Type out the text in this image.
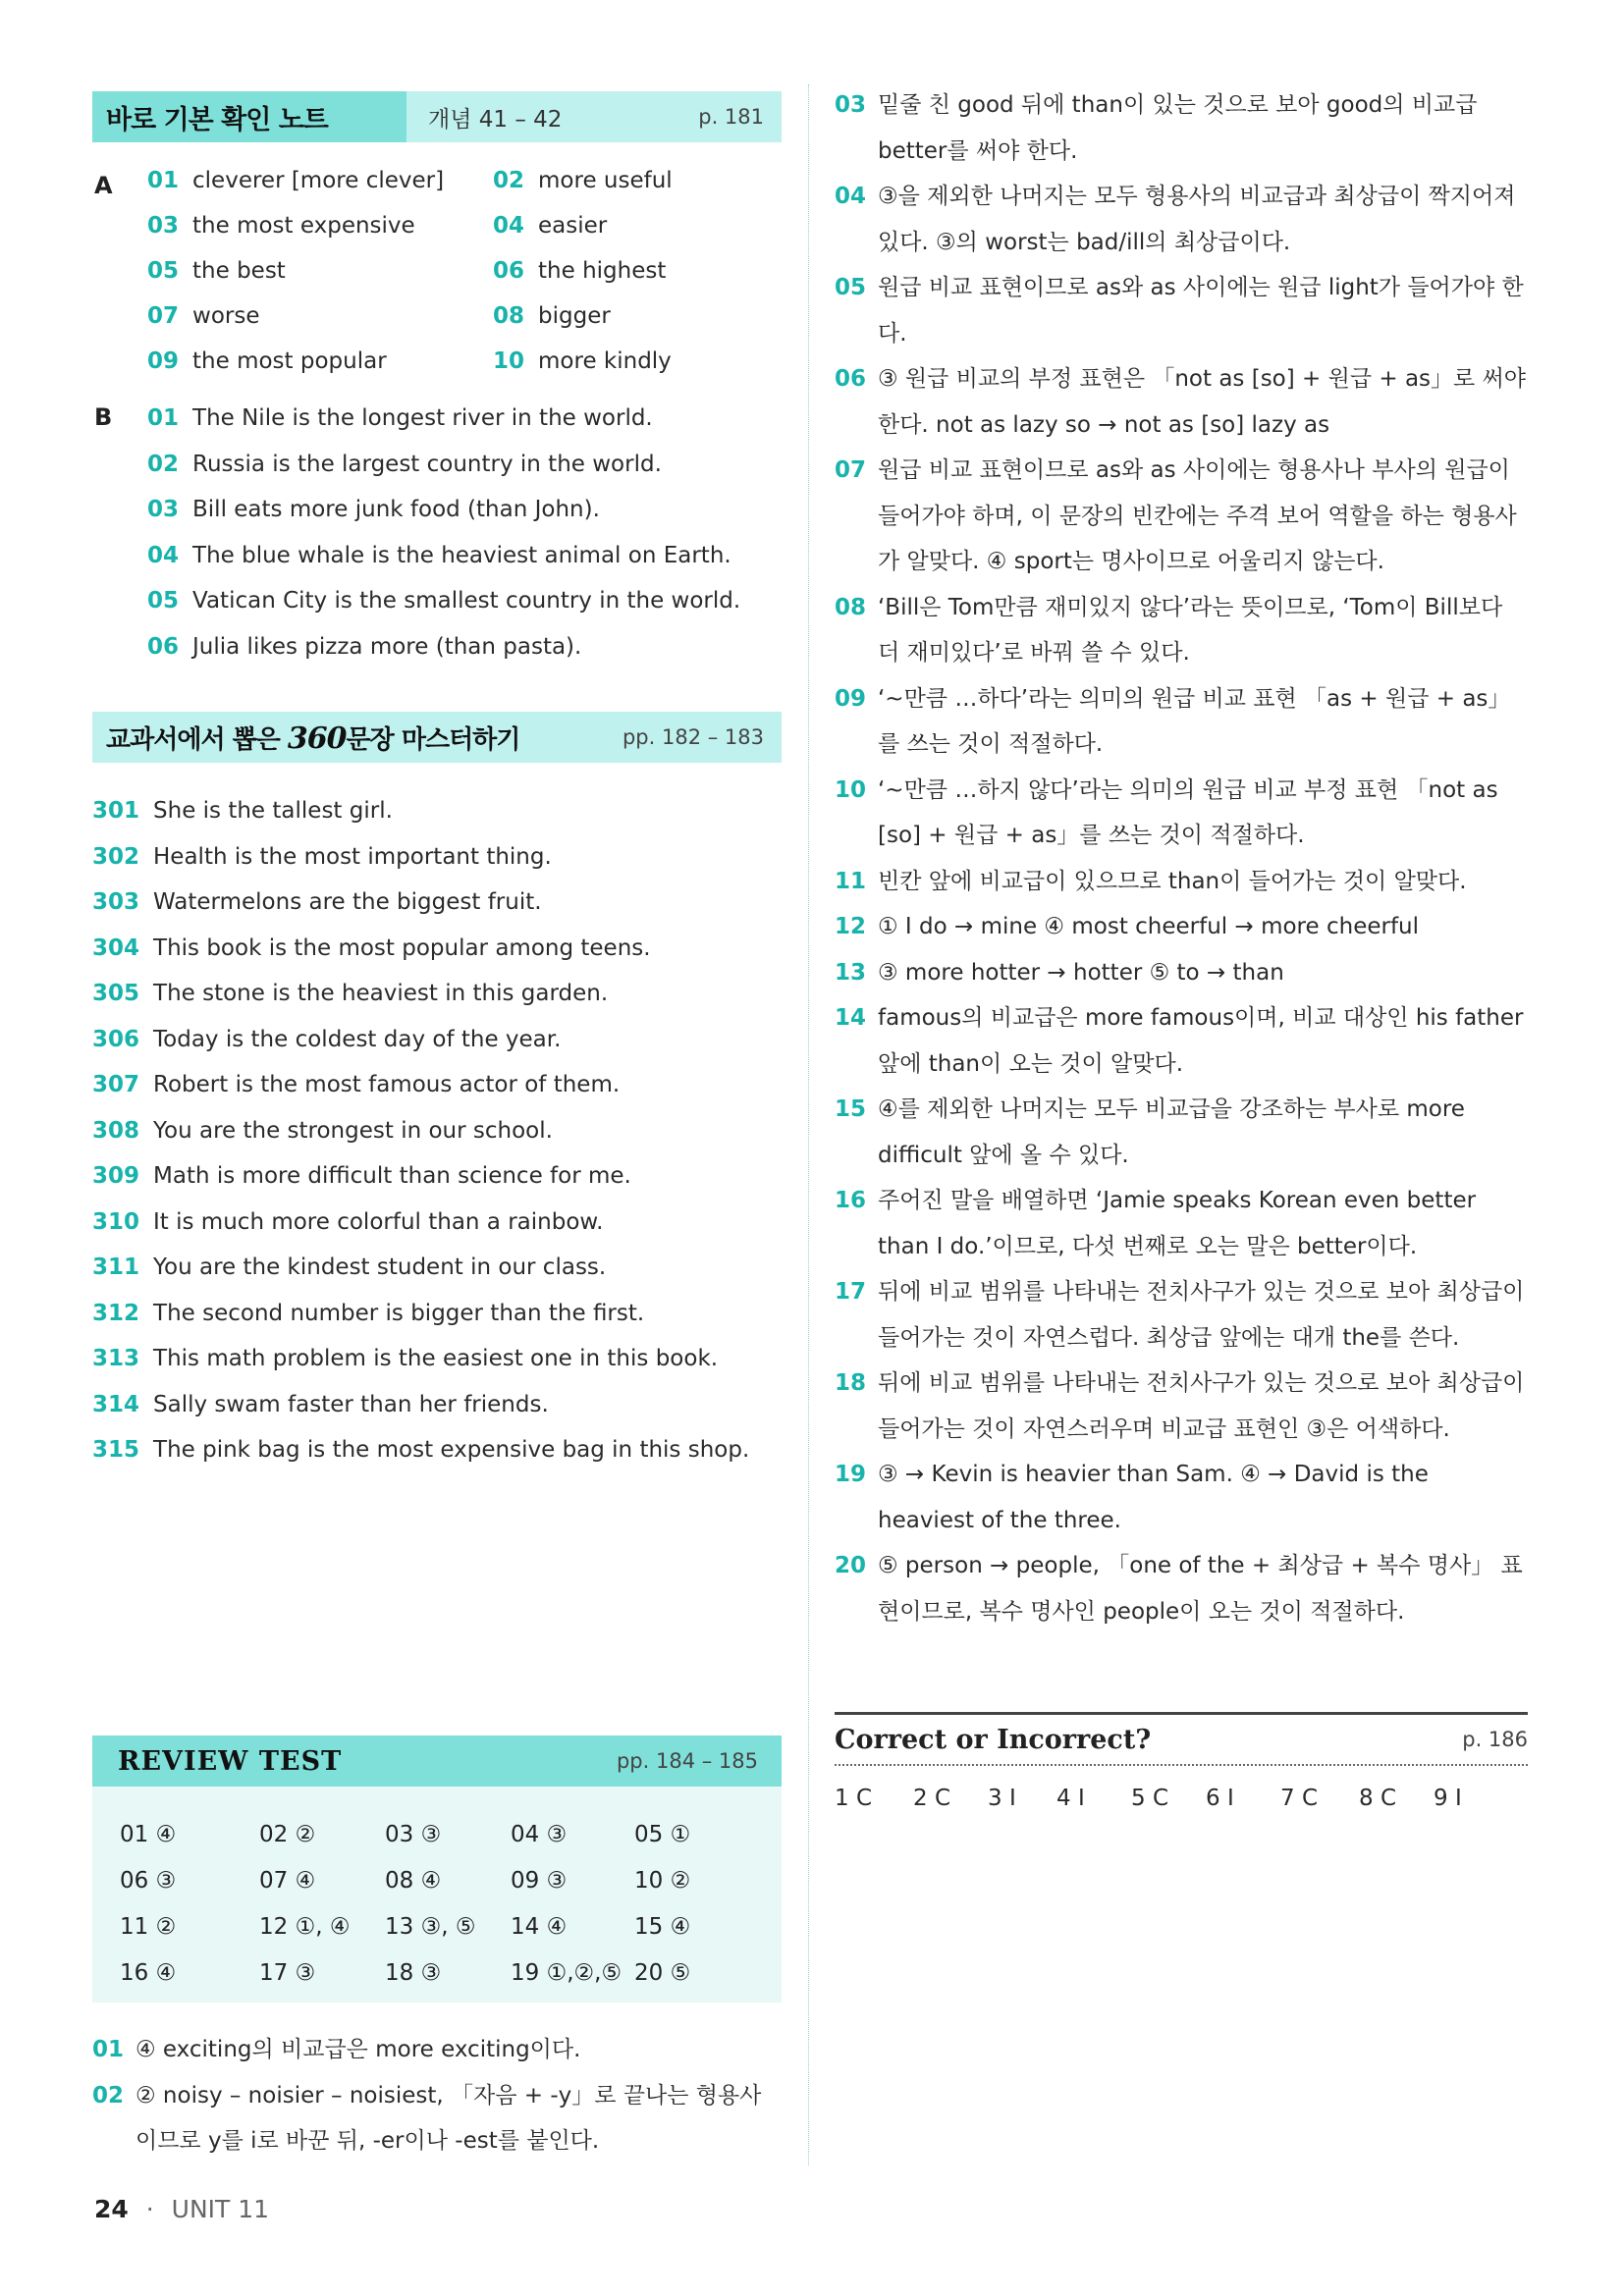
바로 기본 확인 노트	개념 41 – 42	p. 181
A 01 cleverer [more clever] 02 more useful
03 the most expensive	04 easier
05 the best	06 the highest
07 worse	08 bigger
09 the most popular	10 more kindly
B 01 The Nile is the longest river in the world.
02 Russia is the largest country in the world.
03 Bill eats more junk food (than John).
04 The blue whale is the heaviest animal on Earth.
05 Vatican City is the smallest country in the world.
06 Julia likes pizza more (than pasta).
교과서에서 뽑은 360문장 마스터하기	pp. 182 – 183
301 She is the tallest girl.
302 Health is the most important thing.
303 Watermelons are the biggest fruit.
304 This book is the most popular among teens.
305 The stone is the heaviest in this garden.
306 Today is the coldest day of the year.
307 Robert is the most famous actor of them.
308 You are the strongest in our school.
309 Math is more difficult than science for me.
310 It is much more colorful than a rainbow.
311 You are the kindest student in our class.
312 The second number is bigger than the first.
313 This math problem is the easiest one in this book.
314 Sally swam faster than her friends.
315 The pink bag is the most expensive bag in this shop.
REVIEW TEST	pp. 184 – 185
01 ④	02 ②	03 ③	04 ③	05 ①
06 ③	07 ④	08 ④	09 ③	10 ②
11 ②	12 ①, ④ 13 ③, ⑤ 14 ④	15 ④
16 ④	17 ③	18 ③	19 ①,②,⑤ 20 ⑤
01 ④ exciting의 비교급은 more exciting이다.
02 ② noisy – noisier – noisiest, 「자음 + -y」로 끝나는 형용사이므로 y를 i로 바꾼 뒤, -er이나 -est를 붙인다.
03 밑줄 친 good 뒤에 than이 있는 것으로 보아 good의 비교급 better를 써야 한다.
04 ③을 제외한 나머지는 모두 형용사의 비교급과 최상급이 짝지어져 있다. ③의 worst는 bad/ill의 최상급이다.
05 원급 비교 표현이므로 as와 as 사이에는 원급 light가 들어가야 한다.
06 ③ 원급 비교의 부정 표현은 「not as [so] + 원급 + as」로 써야 한다. not as lazy so → not as [so] lazy as
07 원급 비교 표현이므로 as와 as 사이에는 형용사나 부사의 원급이 들어가야 하며, 이 문장의 빈칸에는 주격 보어 역할을 하는 형용사가 알맞다. ④ sport는 명사이므로 어울리지 않는다.
08 ‘Bill은 Tom만큼 재미있지 않다’라는 뜻이므로, ‘Tom이 Bill보다 더 재미있다’로 바꿔 쓸 수 있다.
09 ‘~만큼 …하다’라는 의미의 원급 비교 표현 「as + 원급 + as」를 쓰는 것이 적절하다.
10 ‘~만큼 …하지 않다’라는 의미의 원급 비교 부정 표현 「not as [so] + 원급 + as」를 쓰는 것이 적절하다.
11 빈칸 앞에 비교급이 있으므로 than이 들어가는 것이 알맞다.
12 ① I do → mine ④ most cheerful → more cheerful
13 ③ more hotter → hotter ⑤ to → than
14 famous의 비교급은 more famous이며, 비교 대상인 his father 앞에 than이 오는 것이 알맞다.
15 ④를 제외한 나머지는 모두 비교급을 강조하는 부사로 more difficult 앞에 올 수 있다.
16 주어진 말을 배열하면 ‘Jamie speaks Korean even better than I do.’이므로, 다섯 번째로 오는 말은 better이다.
17 뒤에 비교 범위를 나타내는 전치사구가 있는 것으로 보아 최상급이 들어가는 것이 자연스럽다. 최상급 앞에는 대개 the를 쓴다.
18 뒤에 비교 범위를 나타내는 전치사구가 있는 것으로 보아 최상급이 들어가는 것이 자연스러우며 비교급 표현인 ③은 어색하다.
19 ③ → Kevin is heavier than Sam. ④ → David is the heaviest of the three.
20 ⑤ person → people, 「one of the + 최상급 + 복수 명사」 표현이므로, 복수 명사인 people이 오는 것이 적절하다.
Correct or Incorrect?	p. 186
1 C	2 C	3 I	4 I	5 C	6 I	7 C	8 C	9 I
24 · UNIT 11
